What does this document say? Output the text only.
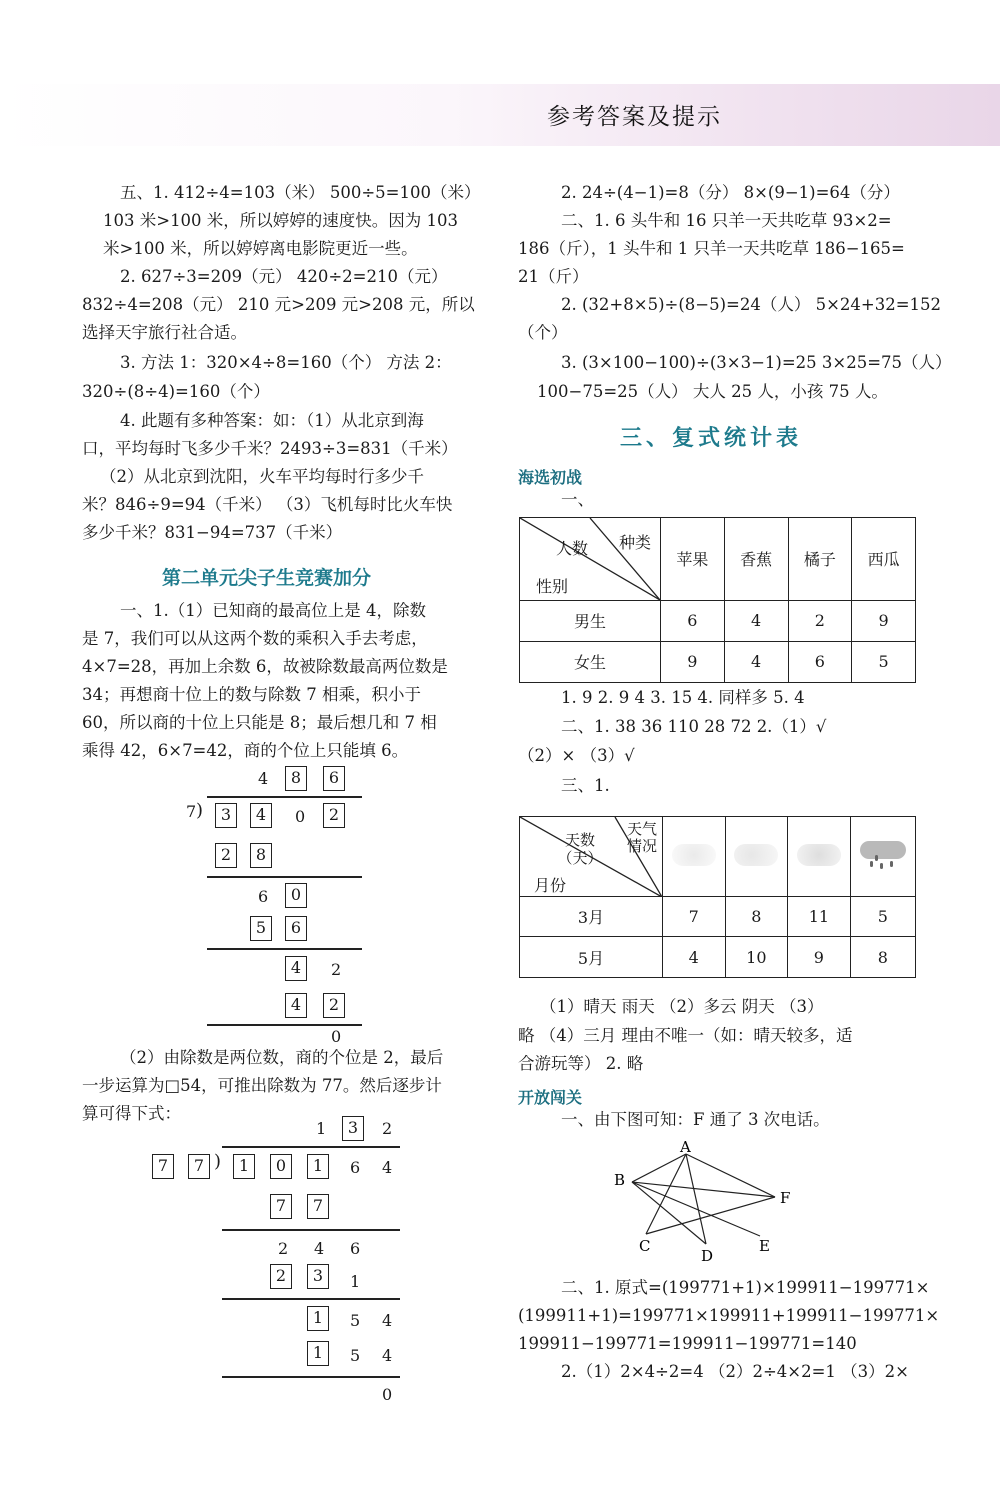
参考答案及提示
五、1. 412÷4=103（米） 500÷5=100（米）
103 米>100 米，所以婷婷的速度快。因为 103
米>100 米，所以婷婷离电影院更近一些。
2. 627÷3=209（元） 420÷2=210（元）
832÷4=208（元） 210 元>209 元>208 元，所以
选择天宇旅行社合适。
3. 方法 1：320×4÷8=160（个） 方法 2：
320÷(8÷4)=160（个）
4. 此题有多种答案：如：（1）从北京到海
口，平均每时飞多少千米？2493÷3=831（千米）
（2）从北京到沈阳，火车平均每时行多少千
米？846÷9=94（千米） （3）飞机每时比火车快
多少千米？831−94=737（千米）
第二单元尖子生竞赛加分
一、1.（1）已知商的最高位上是 4，除数
是 7，我们可以从这两个数的乘积入手去考虑，
4×7=28，再加上余数 6，故被除数最高两位数是
34；再想商十位上的数与除数 7 相乘，积小于
60，所以商的十位上只能是 8；最后想几和 7 相
乘得 42，6×7=42，商的个位上只能填 6。
4	8	6
7 )	3	4	0	2
2	8
6	0
5	6
4	2
4	2
0
（2）由除数是两位数，商的个位是 2，最后
一步运算为□54，可推出除数为 77。然后逐步计
算可得下式：
1	3	2
7	7 )	1	0	1	6 4
7	7
2 4 6
2	3	1
1	5 4
1	5 4
0
2. 24÷(4−1)=8（分） 8×(9−1)=64（分）
二、1. 6 头牛和 16 只羊一天共吃草 93×2=
186（斤），1 头牛和 1 只羊一天共吃草 186−165=
21（斤）
2. (32+8×5)÷(8−5)=24（人） 5×24+32=152
（个）
3. (3×100−100)÷(3×3−1)=25 3×25=75（人）
100−75=25（人） 大人 25 人，小孩 75 人。
三、复式统计表
海选初战
一、
种类
人数
性别	苹果	香蕉	橘子	西瓜
男生	6	4	2	9
女生	9	4	6	5
1. 9 2. 9 4 3. 15 4. 同样多 5. 4
二、1. 38 36 110 28 72 2.（1）√
（2）× （3）√
三、1.
天气情况
天数（天）
月份				

3月	7	8	11	5
5月	4	10	9	8
（1）晴天 雨天 （2）多云 阴天 （3）
略 （4）三月 理由不唯一（如：晴天较多，适
合游玩等） 2. 略
开放闯关
一、由下图可知：F 通了 3 次电话。
A
B
C
D
E
F
二、1. 原式=(199771+1)×199911−199771×
(199911+1)=199771×199911+199911−199771×
199911−199771=199911−199771=140
2.（1）2×4÷2=4 （2）2÷4×2=1 （3）2×
